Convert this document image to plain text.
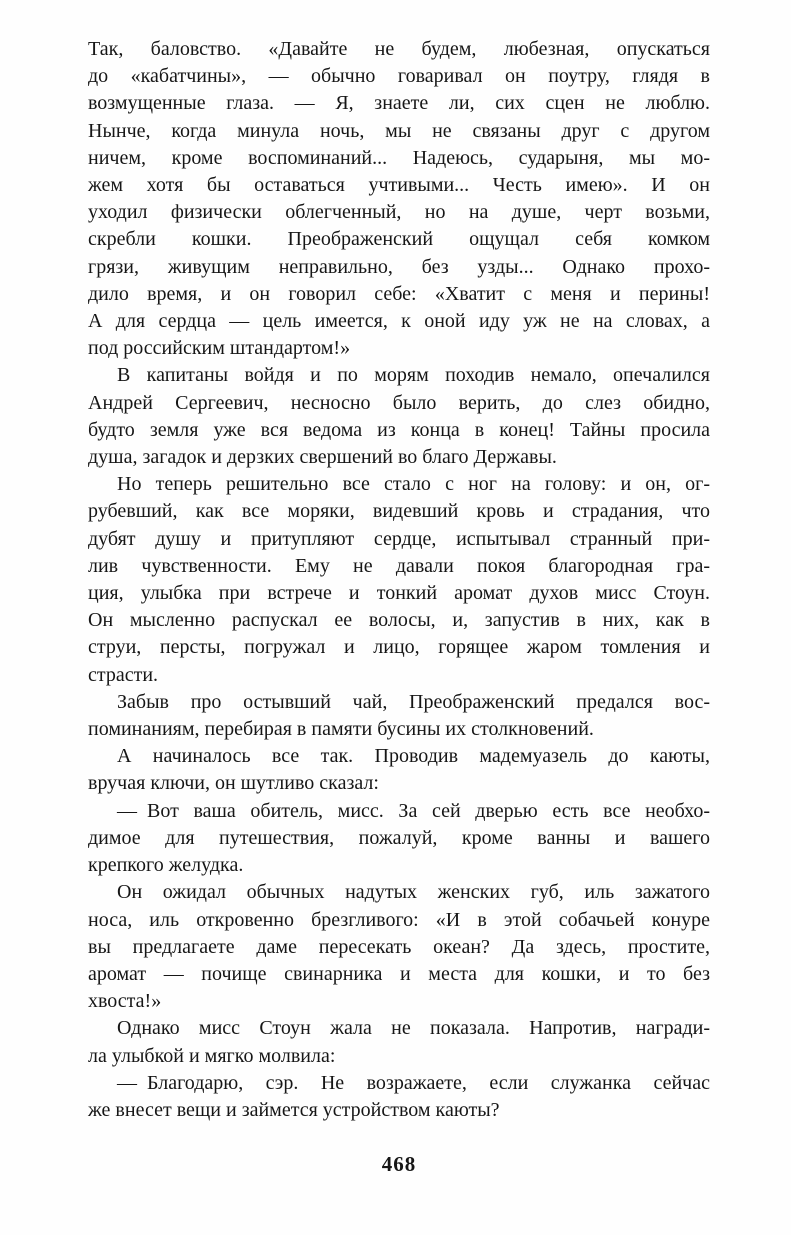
Так, баловство. «Давайте не будем, любезная, опускаться
до «кабатчины», — обычно говаривал он поутру, глядя в
возмущенные глаза. — Я, знаете ли, сих сцен не люблю.
Нынче, когда минула ночь, мы не связаны друг с другом
ничем, кроме воспоминаний... Надеюсь, сударыня, мы мо-
жем хотя бы оставаться учтивыми... Честь имею». И он
уходил физически облегченный, но на душе, черт возьми,
скребли кошки. Преображенский ощущал себя комком
грязи, живущим неправильно, без узды... Однако прохо-
дило время, и он говорил себе: «Хватит с меня и перины!
А для сердца — цель имеется, к оной иду уж не на словах, а
под российским штандартом!»
В капитаны войдя и по морям походив немало, опечалился
Андрей Сергеевич, несносно было верить, до слез обидно,
будто земля уже вся ведома из конца в конец! Тайны просила
душа, загадок и дерзких свершений во благо Державы.
Но теперь решительно все стало с ног на голову: и он, ог-
рубевший, как все моряки, видевший кровь и страдания, что
дубят душу и притупляют сердце, испытывал странный при-
лив чувственности. Ему не давали покоя благородная гра-
ция, улыбка при встрече и тонкий аромат духов мисс Стоун.
Он мысленно распускал ее волосы, и, запустив в них, как в
струи, персты, погружал и лицо, горящее жаром томления и
страсти.
Забыв про остывший чай, Преображенский предался вос-
поминаниям, перебирая в памяти бусины их столкновений.
А начиналось все так. Проводив мадемуазель до каюты,
вручая ключи, он шутливо сказал:
— Вот ваша обитель, мисс. За сей дверью есть все необхо-
димое для путешествия, пожалуй, кроме ванны и вашего
крепкого желудка.
Он ожидал обычных надутых женских губ, иль зажатого
носа, иль откровенно брезгливого: «И в этой собачьей конуре
вы предлагаете даме пересекать океан? Да здесь, простите,
аромат — почище свинарника и места для кошки, и то без
хвоста!»
Однако мисс Стоун жала не показала. Напротив, награди-
ла улыбкой и мягко молвила:
— Благодарю, сэр. Не возражаете, если служанка сейчас
же внесет вещи и займется устройством каюты?
468
